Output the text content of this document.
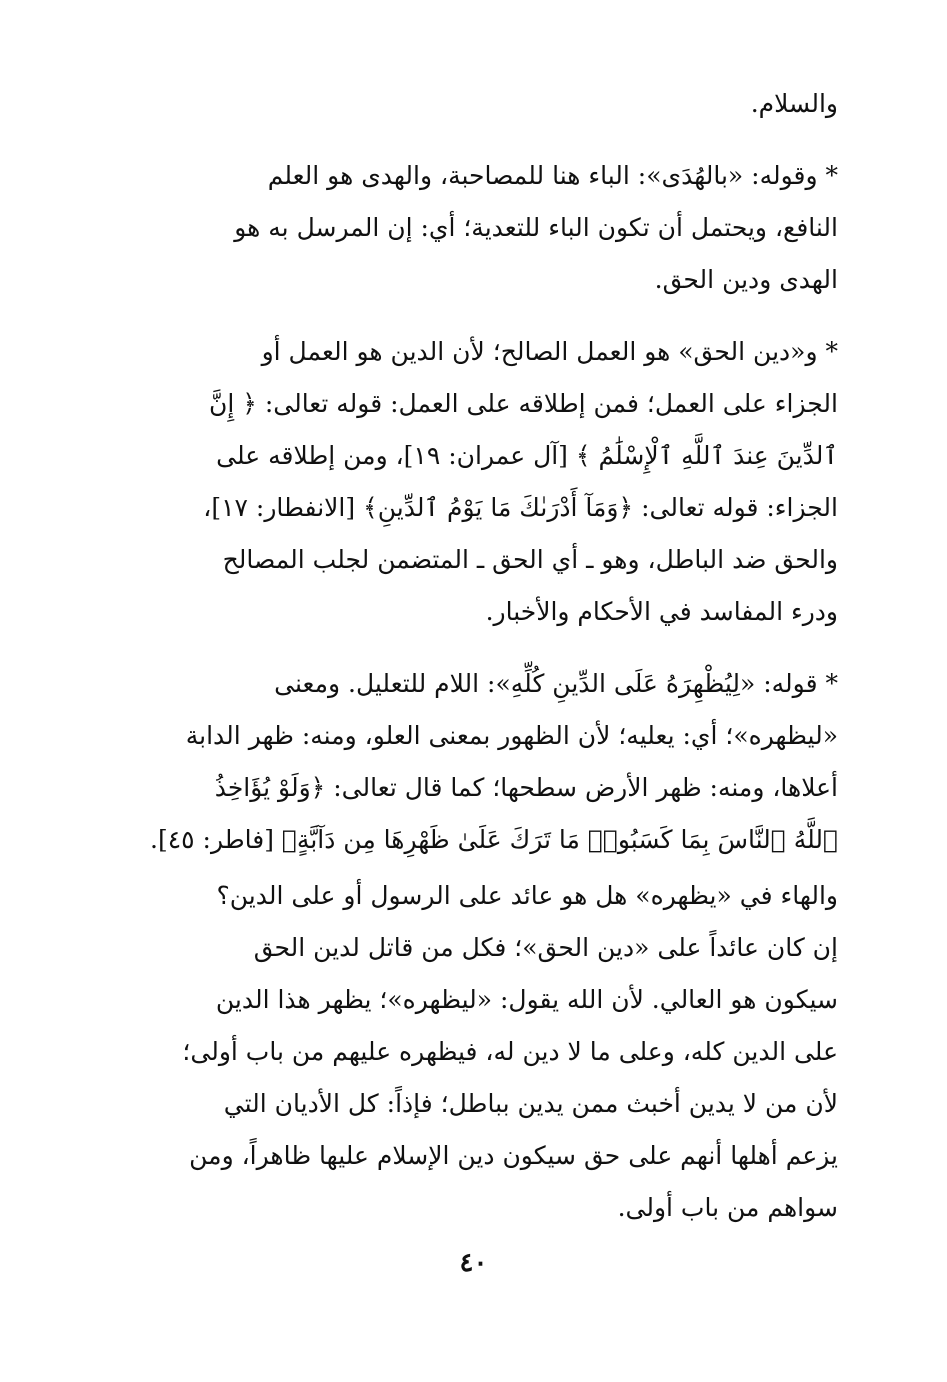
والسلام.
* وقوله: «بالهُدَى»: الباء هنا للمصاحبة، والهدى هو العلم
النافع، ويحتمل أن تكون الباء للتعدية؛ أي: إن المرسل به هو
الهدى ودين الحق.
* و«دين الحق» هو العمل الصالح؛ لأن الدين هو العمل أو
الجزاء على العمل؛ فمن إطلاقه على العمل: قوله تعالى: ﴿ إِنَّ
ٱلدِّينَ عِندَ ٱللَّهِ ٱلْإِسْلَٰمُ ﴾ [آل عمران: ١٩]، ومن إطلاقه على
الجزاء: قوله تعالى: ﴿وَمَآ أَدْرَىٰكَ مَا يَوْمُ ٱلدِّينِ﴾ [الانفطار: ١٧]،
والحق ضد الباطل، وهو ـ أي الحق ـ المتضمن لجلب المصالح
ودرء المفاسد في الأحكام والأخبار.
* قوله: «لِيُظْهِرَهُ عَلَى الدِّينِ كُلِّهِ»: اللام للتعليل. ومعنى
«ليظهره»؛ أي: يعليه؛ لأن الظهور بمعنى العلو، ومنه: ظهر الدابة
أعلاها، ومنه: ظهر الأرض سطحها؛ كما قال تعالى: ﴿وَلَوْ يُؤَاخِذُ
ٱللَّهُ ٱلنَّاسَ بِمَا كَسَبُوا۟ مَا تَرَكَ عَلَىٰ ظَهْرِهَا مِن دَآبَّةٍ﴾ [فاطر: ٤٥].
والهاء في «يظهره» هل هو عائد على الرسول أو على الدين؟
إن كان عائداً على «دين الحق»؛ فكل من قاتل لدين الحق
سيكون هو العالي. لأن الله يقول: «ليظهره»؛ يظهر هذا الدين
على الدين كله، وعلى ما لا دين له، فيظهره عليهم من باب أولى؛
لأن من لا يدين أخبث ممن يدين بباطل؛ فإذاً: كل الأديان التي
يزعم أهلها أنهم على حق سيكون دين الإسلام عليها ظاهراً، ومن
سواهم من باب أولى.
٤٠
